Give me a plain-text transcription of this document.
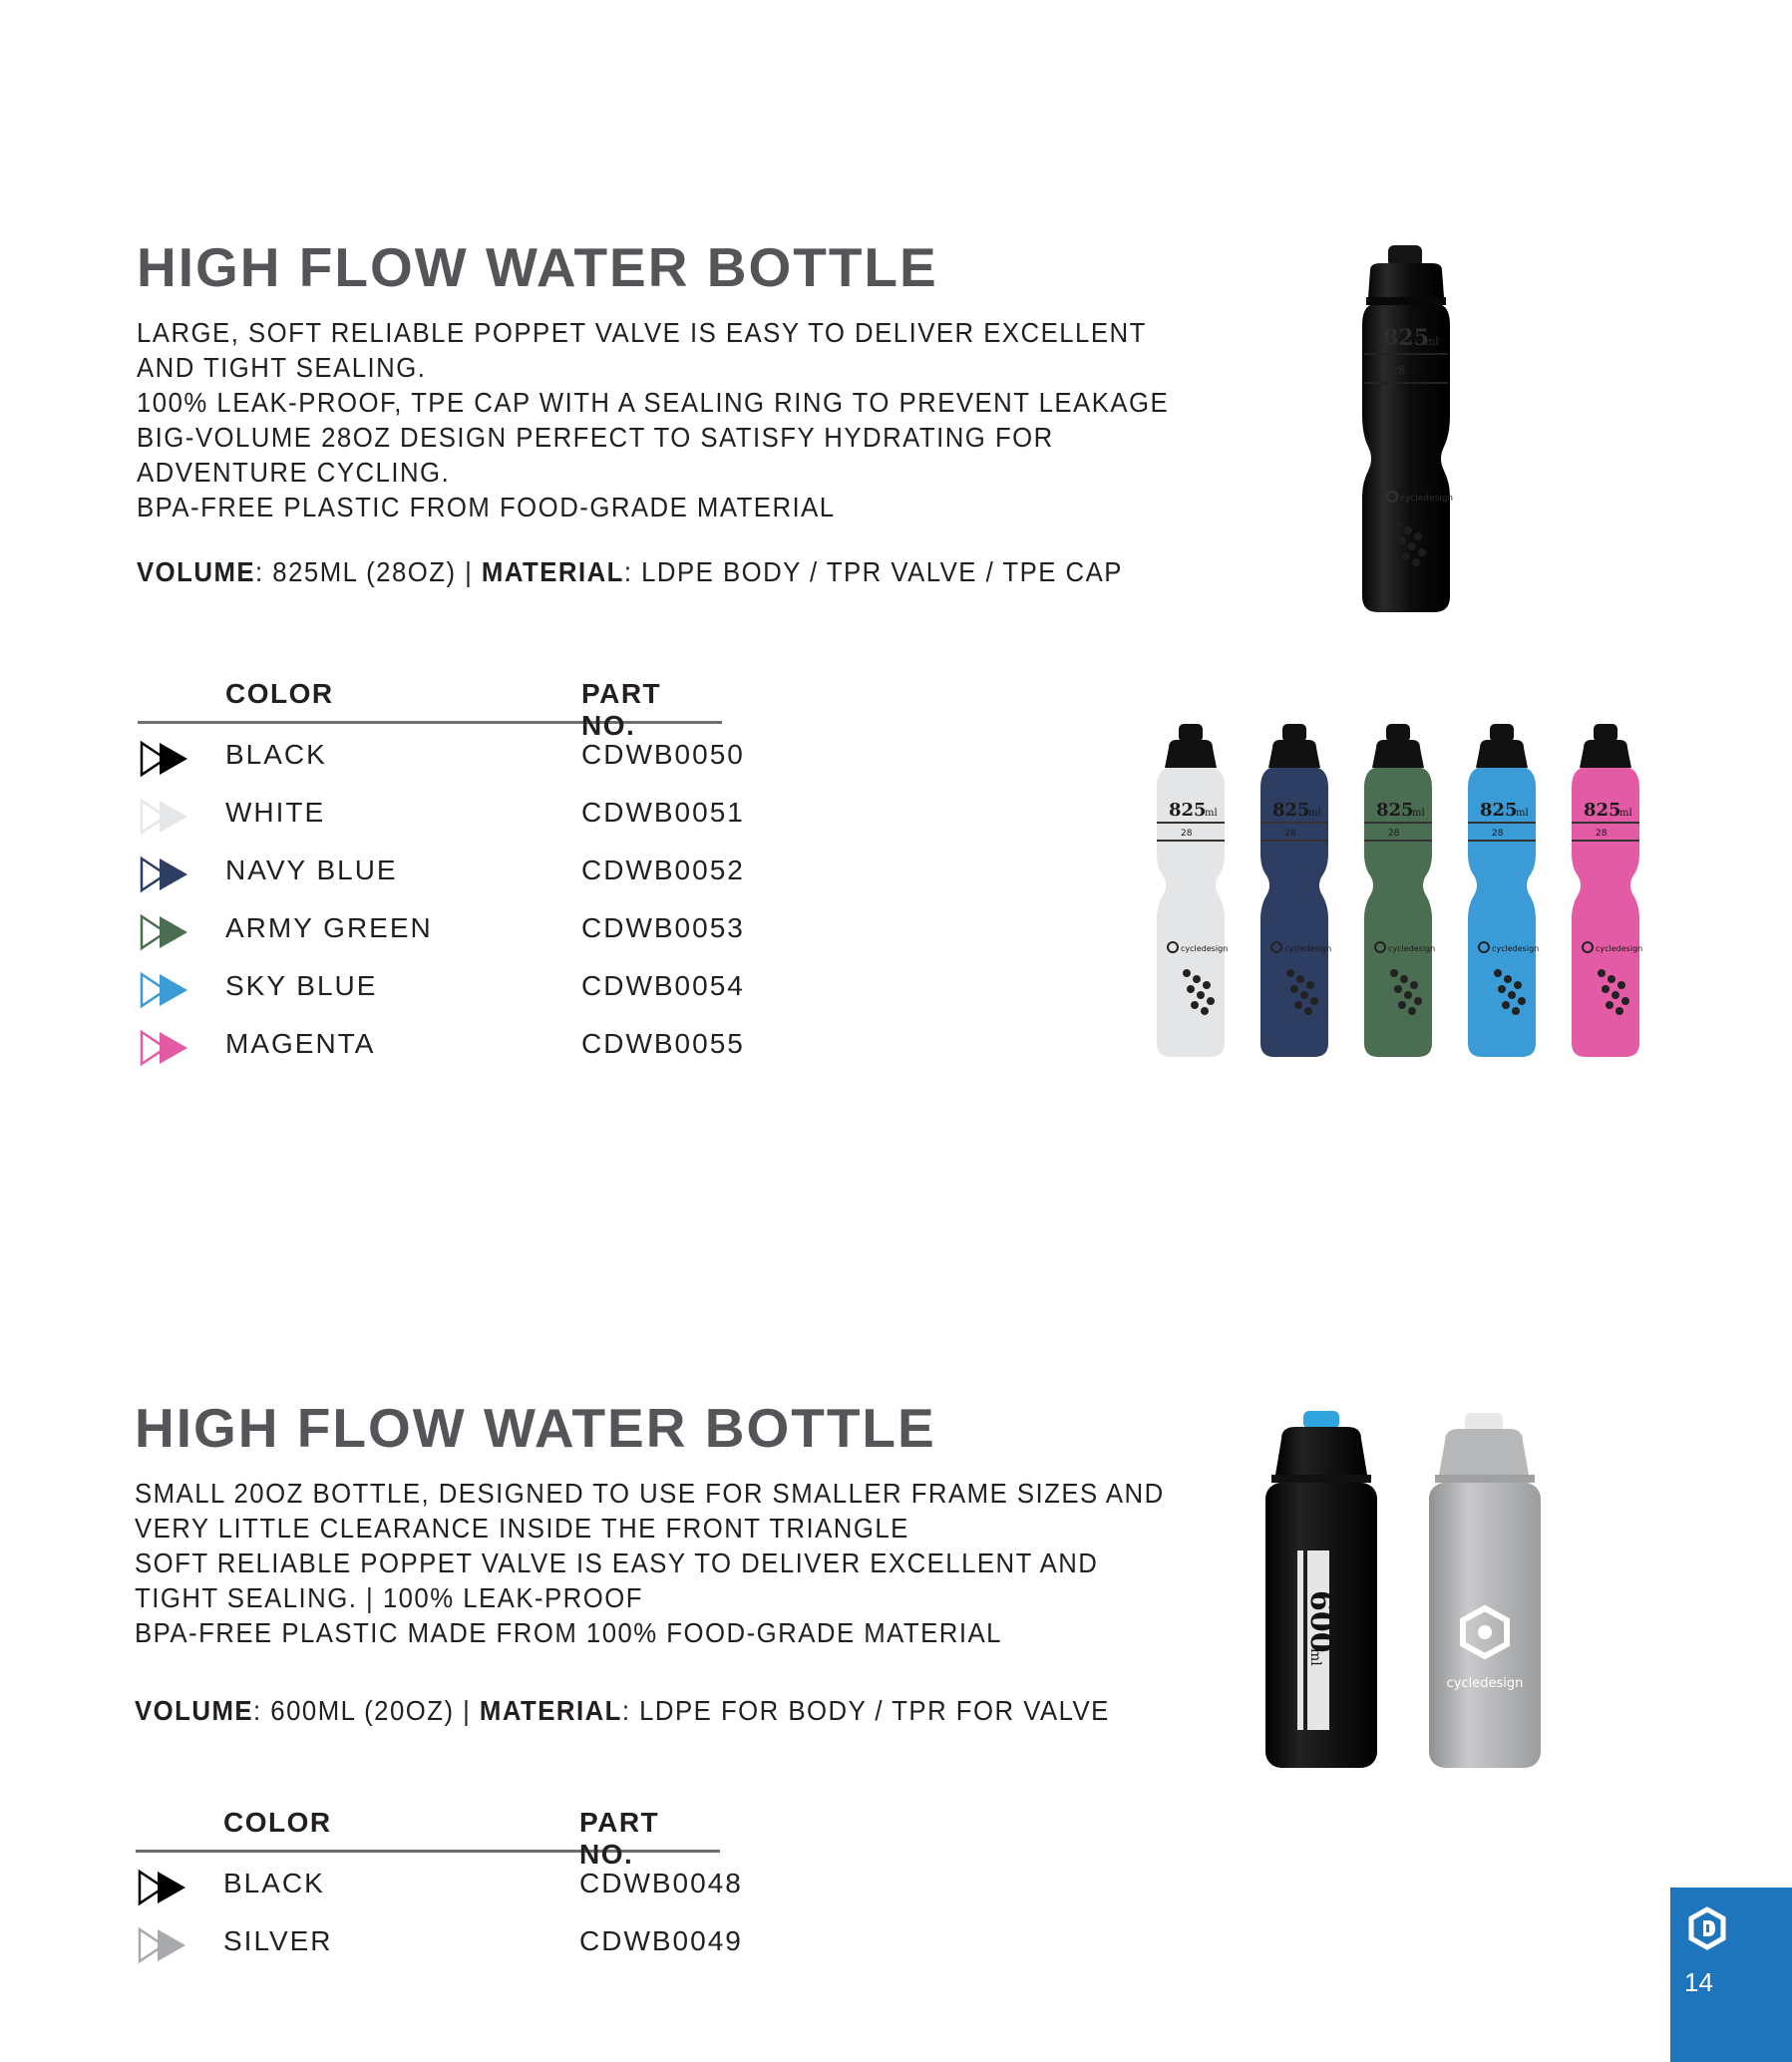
HIGH FLOW WATER BOTTLE
LARGE, SOFT RELIABLE POPPET VALVE IS EASY TO DELIVER EXCELLENT
AND TIGHT SEALING.
100% LEAK-PROOF, TPE CAP WITH A SEALING RING TO PREVENT LEAKAGE
BIG-VOLUME 28OZ DESIGN PERFECT TO SATISFY HYDRATING FOR
ADVENTURE CYCLING.
BPA-FREE PLASTIC FROM FOOD-GRADE MATERIAL
VOLUME: 825ML (28OZ) | MATERIAL: LDPE BODY / TPR VALVE / TPE CAP
COLOR	PART NO.
BLACK	CDWB0050
WHITE	CDWB0051
NAVY BLUE	CDWB0052
ARMY GREEN	CDWB0053
SKY BLUE	CDWB0054
MAGENTA	CDWB0055
825
ml
28
cycledesign
825
ml
28
cycledesign
825
ml
28
cycledesign
825
ml
28
cycledesign
825
ml
28
cycledesign
825
ml
28
cycledesign
HIGH FLOW WATER BOTTLE
SMALL 20OZ BOTTLE, DESIGNED TO USE FOR SMALLER FRAME SIZES AND
VERY LITTLE CLEARANCE INSIDE THE FRONT TRIANGLE
SOFT RELIABLE POPPET VALVE IS EASY TO DELIVER EXCELLENT AND
TIGHT SEALING. | 100% LEAK-PROOF
BPA-FREE PLASTIC MADE FROM 100% FOOD-GRADE MATERIAL
VOLUME: 600ML (20OZ) | MATERIAL: LDPE FOR BODY / TPR FOR VALVE
COLOR	PART NO.
BLACK	CDWB0048
SILVER	CDWB0049
600
ml
cycledesign
14
